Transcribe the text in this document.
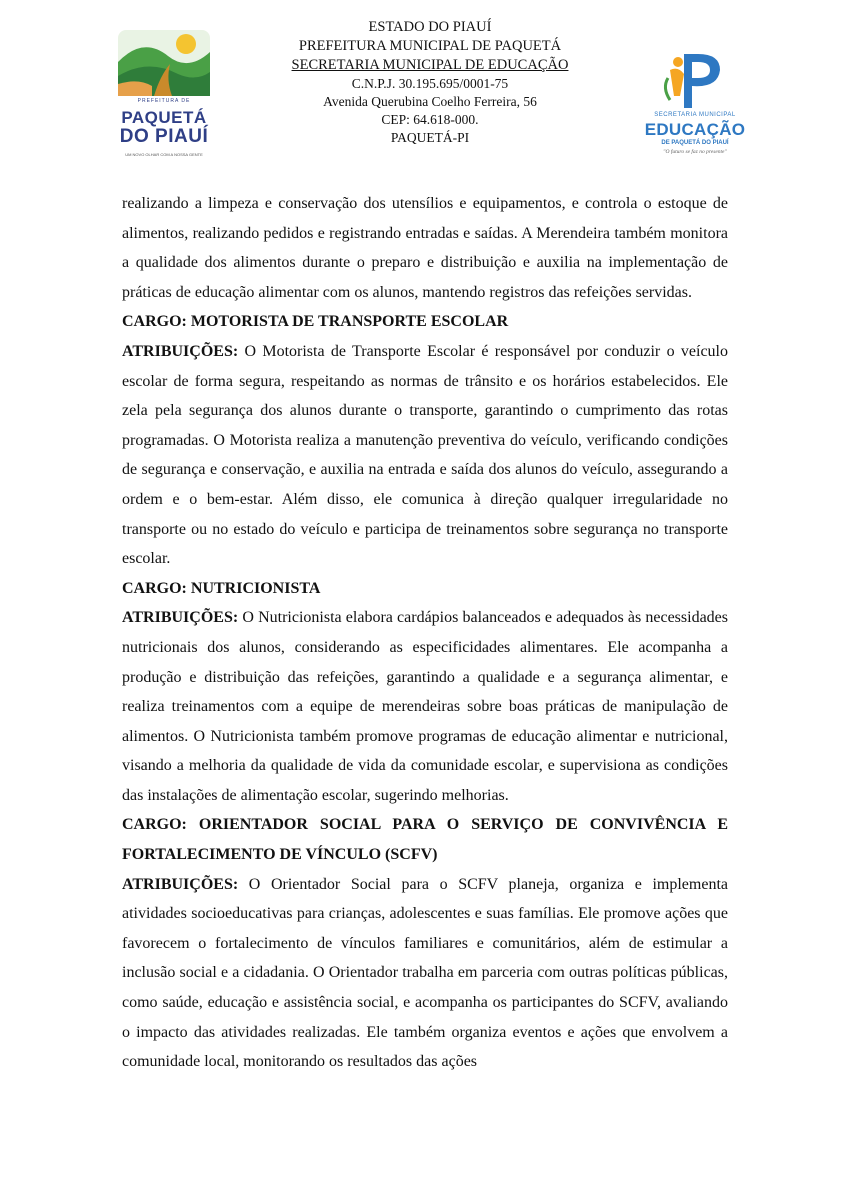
PREFEITURA DE
PAQUETÁ
DO PIAUÍ
UM NOVO OLHAR COM A NOSSA GENTE
ESTADO DO PIAUÍ
PREFEITURA MUNICIPAL DE PAQUETÁ
SECRETARIA MUNICIPAL DE EDUCAÇÃO
C.N.P.J. 30.195.695/0001-75
Avenida Querubina Coelho Ferreira, 56
CEP: 64.618-000.
PAQUETÁ-PI
SECRETARIA MUNICIPAL
EDUCAÇÃO
DE PAQUETÁ DO PIAUÍ
"O futuro se faz no presente"

realizando a limpeza e conservação dos utensílios e equipamentos, e controla o estoque de alimentos, realizando pedidos e registrando entradas e saídas. A Merendeira também monitora a qualidade dos alimentos durante o preparo e distribuição e auxilia na implementação de práticas de educação alimentar com os alunos, mantendo registros das refeições servidas.

CARGO: MOTORISTA DE TRANSPORTE ESCOLAR

ATRIBUIÇÕES: O Motorista de Transporte Escolar é responsável por conduzir o veículo escolar de forma segura, respeitando as normas de trânsito e os horários estabelecidos. Ele zela pela segurança dos alunos durante o transporte, garantindo o cumprimento das rotas programadas. O Motorista realiza a manutenção preventiva do veículo, verificando condições de segurança e conservação, e auxilia na entrada e saída dos alunos do veículo, assegurando a ordem e o bem-estar. Além disso, ele comunica à direção qualquer irregularidade no transporte ou no estado do veículo e participa de treinamentos sobre segurança no transporte escolar.

CARGO: NUTRICIONISTA

ATRIBUIÇÕES: O Nutricionista elabora cardápios balanceados e adequados às necessidades nutricionais dos alunos, considerando as especificidades alimentares. Ele acompanha a produção e distribuição das refeições, garantindo a qualidade e a segurança alimentar, e realiza treinamentos com a equipe de merendeiras sobre boas práticas de manipulação de alimentos. O Nutricionista também promove programas de educação alimentar e nutricional, visando a melhoria da qualidade de vida da comunidade escolar, e supervisiona as condições das instalações de alimentação escolar, sugerindo melhorias.

CARGO: ORIENTADOR SOCIAL PARA O SERVIÇO DE CONVIVÊNCIA E FORTALECIMENTO DE VÍNCULO (SCFV)

ATRIBUIÇÕES: O Orientador Social para o SCFV planeja, organiza e implementa atividades socioeducativas para crianças, adolescentes e suas famílias. Ele promove ações que favorecem o fortalecimento de vínculos familiares e comunitários, além de estimular a inclusão social e a cidadania. O Orientador trabalha em parceria com outras políticas públicas, como saúde, educação e assistência social, e acompanha os participantes do SCFV, avaliando o impacto das atividades realizadas. Ele também organiza eventos e ações que envolvem a comunidade local, monitorando os resultados das ações
